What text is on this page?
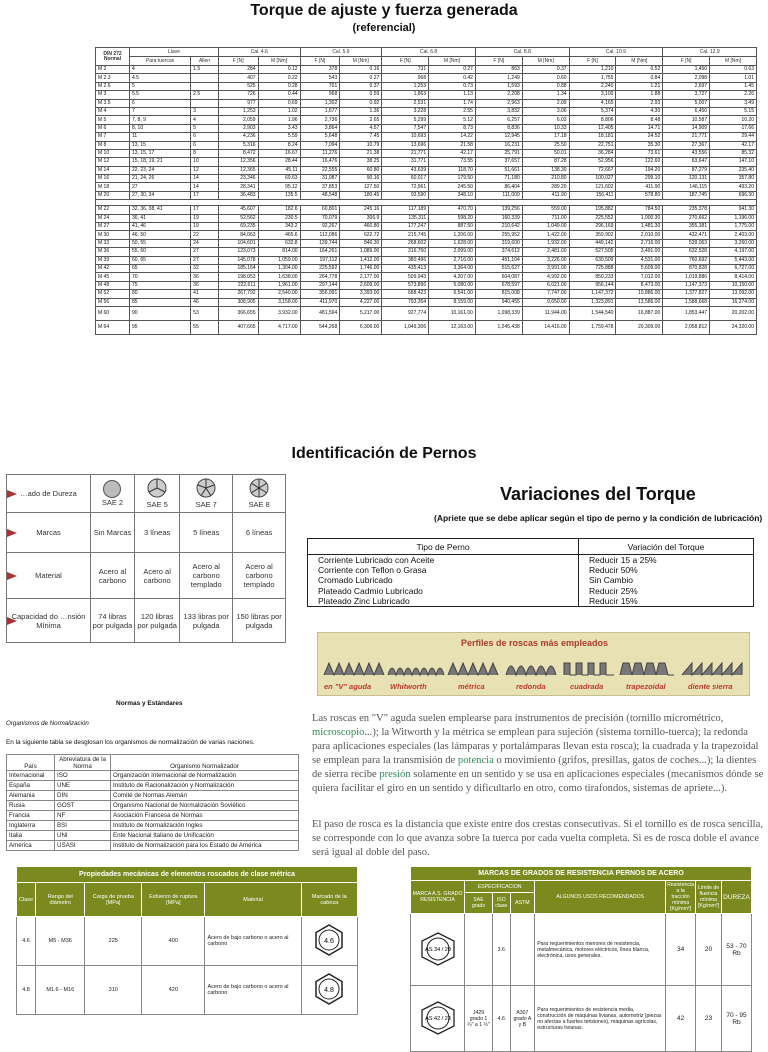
Torque de ajuste y fuerza generada
(referencial)
DIN 272 Normal	Llave		Cal. 4.6		Cal. 5.6		Cal. 6.8		Cal. 8.8		Cal. 10.9		Cal. 12.9	
	Para tuercas	Allen	F [N]	M [Nm]	F [N]	M [Nm]	F [N]	M [Nm]	F [N]	M [Nm]	F [N]	M [Nm]	F [N]	M [Nm]
M 2	4	1.5	284	0.12	378	0.16	731	0.27	863	0.37	1,210	0.52	1,450	0.63
M 2.3	4.5		407	0.22	543	0.27	968	0.42	1,249	0.60	1,755	0.84	2,098	1.01
M 2.6	5		525	0.28	701	0.37	1,253	0.73	1,593	0.88	2,240	1.21	2,697	1.45
M 3	5.5	2.5	726	0.44	968	0.59	1,863	1.13	2,208	1.34	3,100	1.88	3,727	2.26
M 3.5	6		977	0.69	1,302	0.92	2,531	1.74	2,963	2.09	4,165	2.93	5,007	3.49
M 4	7	3	1,253	1.02	1,677	1.36	3,228	2.55	3,832	3.06	5,374	4.30	6,450	5.15
M 5	7, 8, 9	4	2,059	1.96	2,736	2.65	5,299	5.12	6,257	6.03	8,806	8.48	10,587	10.20
M 6	8, 10	5	2,903	3.43	3,864	4.57	7,547	8.73	8,836	10.33	12,405	14.71	14,909	17.66
M 7	11	6	4,236	5.59	5,648	7.45	10,693	14.22	12,945	17.18	18,181	24.52	21,771	29.44
M 8	13, 15	6	5,316	8.24	7,094	10.79	13,696	21.58	16,231	25.50	22,751	35.30	27,367	42.17
M 10	13, 15, 17	8	8,472	16.67	11,276	21.38	21,771	42.17	25,791	50.01	36,284	73.61	43,556	85.32
M 12	15, 18, 19, 21	10	12,356	28.44	16,476	38.25	31,771	73.55	37,657	87.28	52,956	122.60	63,647	147.10
M 14	22, 23, 24	12	12,365	45.11	22,555	60.80	43,639	118.70	51,661	138.30	72,667	194.20	87,279	235.40
M 16	21, 24, 26	14	23,346	69.63	31,087	90.16	60,017	179.50	71,180	210.80	100,027	299.10	120,131	357.80
M 18	27	14	28,341	95.12	37,853	127.50	72,961	245.50	86,404	289.20	121,602	411.90	146,115	493.20
M 20	27, 30, 34	17	36,483	135.5	48,548	180.45	93,590	348.10	111,009	411.90	156,411	578.80	187,745	696.30

M 22	32, 36, 38, 41	17	45,607	182.6	60,801	245.16	117,189	470.70	139,256	559.00	195,882	784.50	235,378	941.30
M 24	36, 41	19	52,562	230.5	70,079	306.9	135,311	598.20	160,339	711.00	225,552	1,000.30	270,662	1,196.00
M 27	41, 46	19	69,235	343.2	92,267	460.80	177,247	887.50	210,642	1,049.00	296,169	1,481.30	355,381	1,775.00
M 30	46, 50	22	84,063	465.6	112,086	622.72	215,745	1,206.00	255,952	1,422.00	359,902	2,010.00	432,471	2,403.00
M 33	50, 55	24	104,601	632.8	139,744	846.30	268,602	1,628.00	319,600	1,932.00	449,142	2,716.00	539,063	3,260.00
M 36	55, 60	27	123,073	814.00	164,261	1,089.00	316,750	2,099.00	374,612	2,481.00	527,505	3,491.00	632,528	4,197.00
M 39	60, 65	27	145,078	1,059.00	197,112	1,412.00	380,496	2,716.00	451,104	3,226.00	630,509	4,531.00	760,692	5,443.00
M 42	65	32	185,164	1,304.00	225,592	1,746.00	435,413	3,364.00	515,627	3,991.00	725,888	5,609.00	870,828	6,727.00
M 45	70	36	198,053	1,638.00	264,778	2,177.00	509,943	4,207.00	604,087	4,992.00	850,233	7,012.00	1,019,886	8,414.00
M 48	75	36	222,611	1,961.00	297,144	2,609.00	573,896	5,080.00	678,597	6,021.00	956,144	8,473.00	1,147,373	10,150.00
M 52	80	41	267,792	2,540.00	356,991	3,393.00	688,423	6,541.00	815,008	7,747.00	1,147,372	10,886.00	1,377,827	13,092.00
M 56	85	46	308,905	3,158.00	411,970	4,227.00	793,354	8,159.00	940,455	9,650.00	1,323,891	13,586.00	1,588,668	16,274.00
M 60	90	53	366,655	3,932.00	481,594	5,217.00	927,774	10,161.00	1,098,339	11,944.00	1,544,540	16,887.00	1,853,447	20,202.00
M 64	95	55	407,665	4,717.00	544,268	6,306.00	1,049,306	12,163.00	1,245,438	14,416.00	1,759,478	20,309.00	2,058,812	24,320.00
Identificación de Pernos
…ado de Dureza	SAE 2	SAE 5	SAE 7	SAE 8

Marcas	Sin Marcas	3 líneas	5 líneas	6 líneas

Material	Acero al carbono	Acero al carbono	Acero al carbono templado	Acero al carbono templado

Capacidad do …nsión Mínima	74 libras por pulgada	120 libras por pulgada	133 libras por pulgada	150 libras por pulgada
Variaciones del Torque
(Apriete que se debe aplicar según el tipo de perno y la condición de lubricación)
Tipo de Perno	Variación del Torque
Corriente Lubricado con Aceite	Reducir 15 a 25%
Corriente con Teflon o Grasa	Reducir 50%
Cromado Lubricado	Sin Cambio
Plateado Cadmio Lubricado	Reducir 25%
Plateado Zinc Lubricado	Reducir 15%
Perfiles de roscas más empleados
en "V" aguda	Whitworth	métrica	redonda	cuadrada	trapezoidal	diente sierra
Normas y Estándares
Organismos de Normalización
En la siguiente tabla se desglosan los organismos de normalización de varias naciones.
País	Abreviatura de la Norma	Organismo Normalizador
Internacional	ISO	Organización Internacional de Normalización
España	UNE	Instituto de Racionalización y Normalización
Alemania	DIN	Comité de Normas Alemán
Rusia	GOST	Organismo Nacional de Normalización Soviético
Francia	NF	Asociación Francesa de Normas
Inglaterra	BSI	Instituto de Normalización Ingles
Italia	UNI	Ente Nacional Italiano de Unificación
América	USASI	Instituto de Normalización para los Estado de América
Las roscas en "V" aguda suelen emplearse para instrumentos de precisión (tornillo micrométrico, microscopio...); la Witworth y la métrica se emplean para sujeción (sistema tornillo-tuerca); la redonda para aplicaciones especiales (las lámparas y portalámparas llevan esta rosca); la cuadrada y la trapezoidal se emplean para la transmisión de potencia o movimiento (grifos, presillas, gatos de coches...); la dientes de sierra recibe presión solamente en un sentido y se usa en aplicaciones especiales (mecanismos dónde se quiera facilitar el giro en un sentido y dificultarlo en otro, como tirafondos, sistemas de apriete...).
El paso de rosca es la distancia que existe entre dos crestas consecutivas. Si el tornillo es de rosca sencilla, se corresponde con lo que avanza sobre la tuerca por cada vuelta completa. Si es de rosca doble el avance será igual al doble del paso.
Propiedades mecánicas de elementos roscados de clase métrica					
Clase	Rango del diámetro	Carga de prueba [MPa]	Esfuerzo de ruptura [MPa]	Material	Marcado de la cabeza
4.6	M5 - M36	225	400	Acero de bajo carbono o acero al carbono	4.6

4.8	M1.6 - M16	310	420	Acero de bajo carbono o acero al carbono	4.8
MARCAS DE GRADOS DE RESISTENCIA PERNOS DE ACERO							
MARCA A.S. GRADO RESISTENCIA	ESPECIFICACION			ALGUNOS USOS RECOMENDADOS	Resistencia a la tracción mínima [Kg/mm²]	Límite de fluencia mínima [Kg/mm²]	DUREZA
	SAE grado	ISO clase	ASTM				

AS 34 / 20		3.6		Para requerimientos menores de resistencia, metalmecánica, motores eléctricos, línea blanca, electrónica, usos generales.	34	20	53 - 70 Rb

AS 42 / 23	J429 grado 1 ¼" a 1 ½"	4.6	A307 grado A y B	Para requerimientos de resistencia media, construcción de máquinas livianas, automotriz (piezas no afectas a fuertes tensiones), máquinas agrícolas, estructuras livianas.	42	23	70 - 95 Rb
